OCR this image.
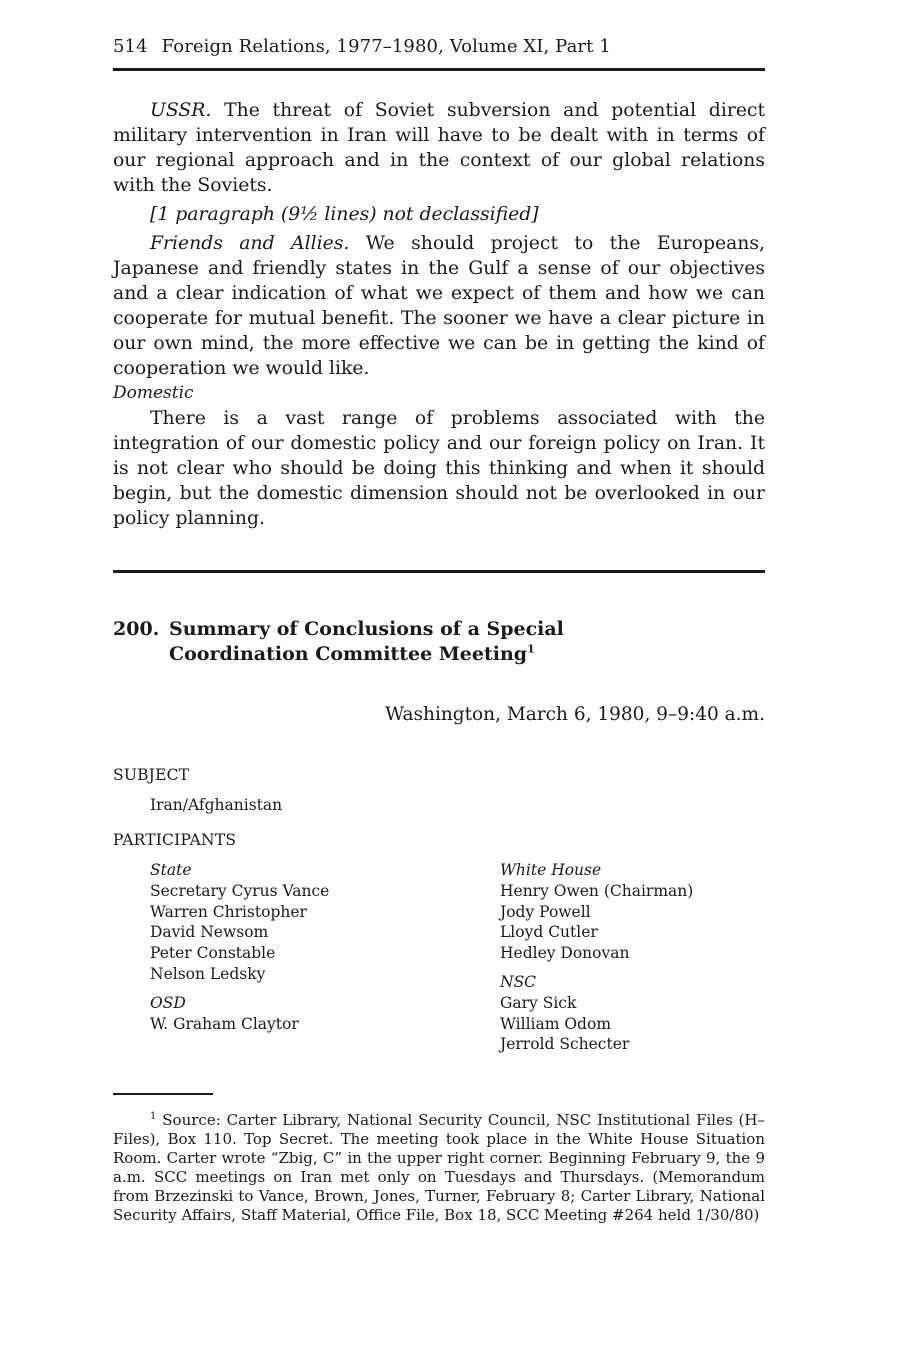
514 Foreign Relations, 1977–1980, Volume XI, Part 1

USSR. The threat of Soviet subversion and potential direct military intervention in Iran will have to be dealt with in terms of our regional approach and in the context of our global relations with the Soviets.

[1 paragraph (9½ lines) not declassified]

Friends and Allies. We should project to the Europeans, Japanese and friendly states in the Gulf a sense of our objectives and a clear indication of what we expect of them and how we can cooperate for mutual benefit. The sooner we have a clear picture in our own mind, the more effective we can be in getting the kind of cooperation we would like.

Domestic

There is a vast range of problems associated with the integration of our domestic policy and our foreign policy on Iran. It is not clear who should be doing this thinking and when it should begin, but the domestic dimension should not be overlooked in our policy planning.

200. Summary of Conclusions of a Special Coordination Committee Meeting$^1$
Washington, March 6, 1980, 9–9:40 a.m.
SUBJECT
Iran/Afghanistan
PARTICIPANTS
State
Secretary Cyrus Vance
Warren Christopher
David Newsom
Peter Constable
Nelson Ledsky
OSD
W. Graham Claytor
White House
Henry Owen (Chairman)
Jody Powell
Lloyd Cutler
Hedley Donovan
NSC
Gary Sick
William Odom
Jerrold Schecter

$^1$ Source: Carter Library, National Security Council, NSC Institutional Files (H–Files), Box 110. Top Secret. The meeting took place in the White House Situation Room. Carter wrote “Zbig, C” in the upper right corner. Beginning February 9, the 9 a.m. SCC meetings on Iran met only on Tuesdays and Thursdays. (Memorandum from Brzezinski to Vance, Brown, Jones, Turner, February 8; Carter Library, National Security Affairs, Staff Material, Office File, Box 18, SCC Meeting #264 held 1/30/80)
